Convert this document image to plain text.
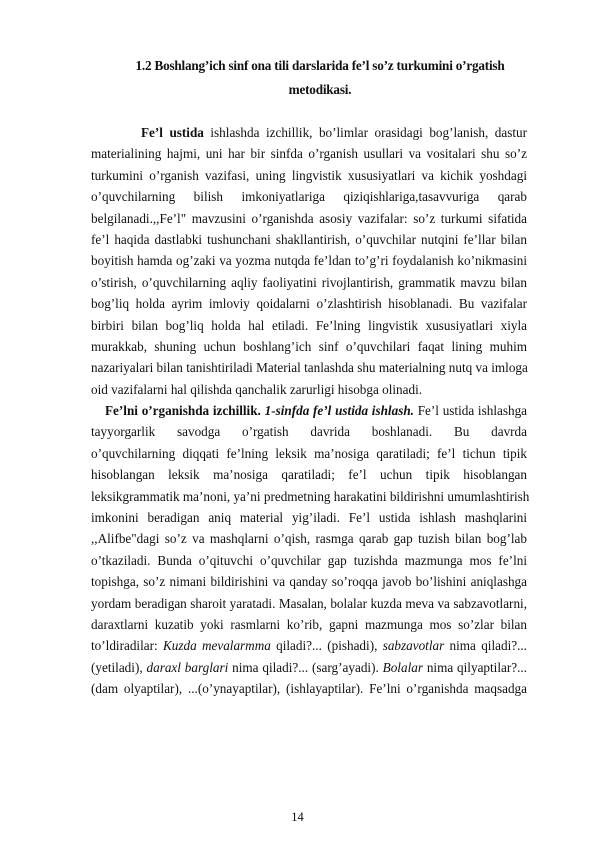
1.2 Boshlang’ich sinf ona tili darslarida fe’l so’z turkumini o’rgatish
metodikasi.
Fe’l ustida ishlashda izchillik, bo’limlar orasidagi bog’lanish, dastur
materialining hajmi, uni har bir sinfda o’rganish usullari va vositalari shu so’z
turkumini o’rganish vazifasi, uning lingvistik xususiyatlari va kichik yoshdagi
o’quvchilarning bilish imkoniyatlariga qiziqishlariga,tasavvuriga qarab
belgilanadi.,,Fe’l" mavzusini o’rganishda asosiy vazifalar: so’z turkumi sifatida
fe’l haqida dastlabki tushunchani shakllantirish, o’quvchilar nutqini fe’llar bilan
boyitish hamda og’zaki va yozma nutqda fe’ldan to’g’ri foydalanish ko’nikmasini
o’stirish, o’quvchilarning aqliy faoliyatini rivojlantirish, grammatik mavzu bilan
bog’liq holda ayrim imloviy qoidalarni o’zlashtirish hisoblanadi. Bu vazifalar
birbiri bilan bog’liq holda hal etiladi. Fe’lning lingvistik xususiyatlari xiyla
murakkab, shuning uchun boshlang’ich sinf o’quvchilari faqat lining muhim
nazariyalari bilan tanishtiriladi Material tanlashda shu materialning nutq va imloga
oid vazifalarni hal qilishda qanchalik zarurligi hisobga olinadi.
Fe’lni o’rganishda izchillik. 1-sinfda fe’l ustida ishlash. Fe’l ustida ishlashga
tayyorgarlik savodga o’rgatish davrida boshlanadi. Bu davrda
o’quvchilarning diqqati fe’lning leksik ma’nosiga qaratiladi; fe’l tichun tipik
hisoblangan leksik ma’nosiga qaratiladi; fe’l uchun tipik hisoblangan
leksikgrammatik ma’noni, ya’ni predmetning harakatini bildirishni umumlashtirish
imkonini beradigan aniq material yig’iladi. Fe’l ustida ishlash mashqlarini
,,Alifbe"dagi so’z va mashqlarni o’qish, rasmga qarab gap tuzish bilan bog’lab
o’tkaziladi. Bunda o’qituvchi o’quvchilar gap tuzishda mazmunga mos fe’lni
topishga, so’z nimani bildirishini va qanday so’roqqa javob bo’lishini aniqlashga
yordam beradigan sharoit yaratadi. Masalan, bolalar kuzda meva va sabzavotlarni,
daraxtlarni kuzatib yoki rasmlarni ko’rib, gapni mazmunga mos so’zlar bilan
to’ldiradilar: Kuzda mevalarmma qiladi?... (pishadi), sabzavotlar nima qiladi?...
(yetiladi), daraxl barglari nima qiladi?... (sarg’ayadi). Bolalar nima qilyaptilar?...
(dam olyaptilar), ...(o’ynayaptilar), (ishlayaptilar). Fe’lni o’rganishda maqsadga
14
